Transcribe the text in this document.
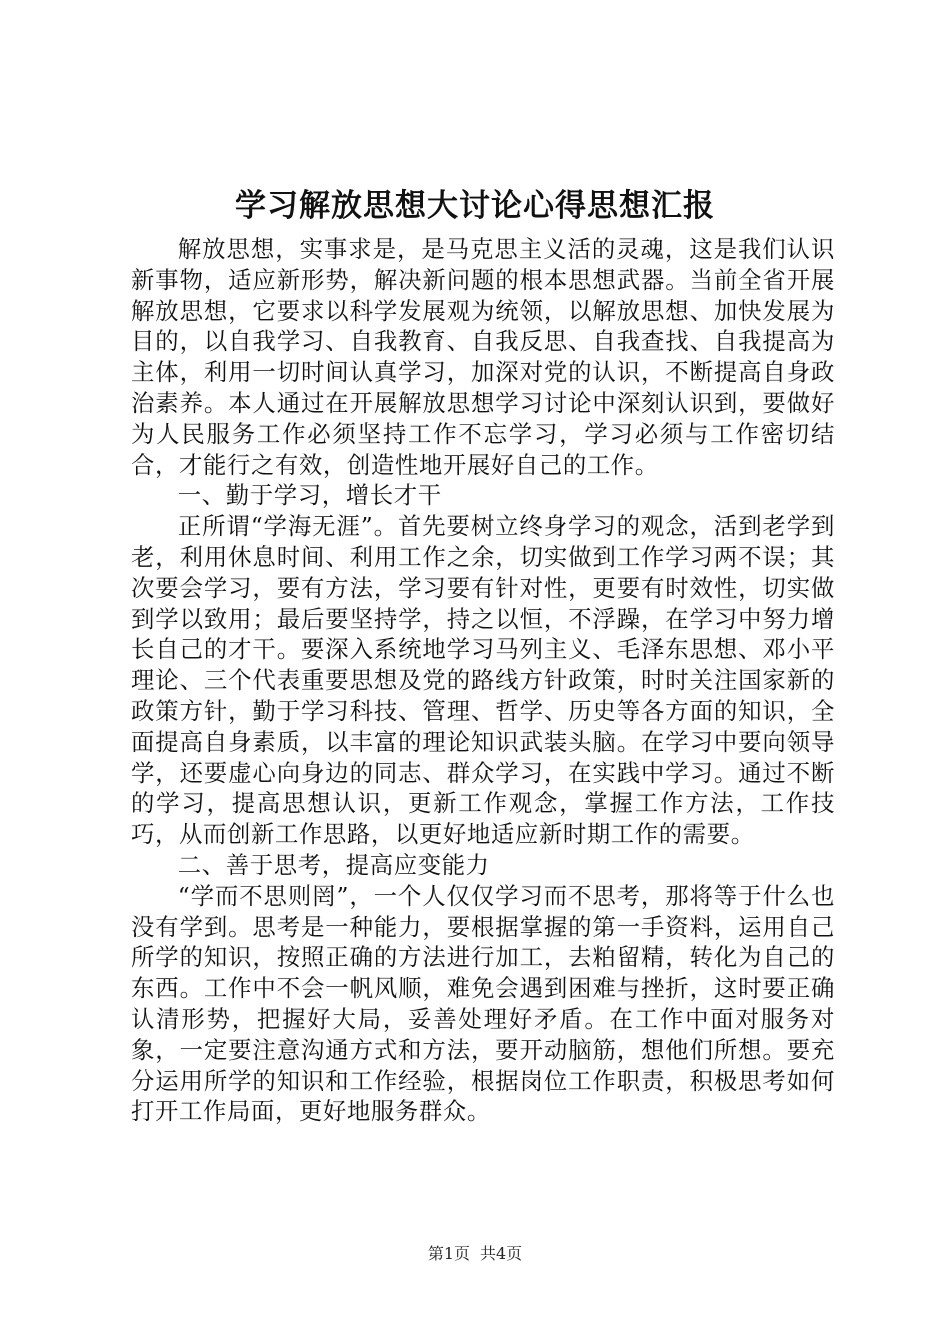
学习解放思想大讨论心得思想汇报

解放思想，实事求是，是马克思主义活的灵魂，这是我们认识新事物，适应新形势，解决新问题的根本思想武器。当前全省开展解放思想，它要求以科学发展观为统领，以解放思想、加快发展为目的，以自我学习、自我教育、自我反思、自我查找、自我提高为主体，利用一切时间认真学习，加深对党的认识，不断提高自身政治素养。本人通过在开展解放思想学习讨论中深刻认识到，要做好为人民服务工作必须坚持工作不忘学习，学习必须与工作密切结合，才能行之有效，创造性地开展好自己的工作。

一、勤于学习，增长才干

正所谓“学海无涯”。首先要树立终身学习的观念，活到老学到老，利用休息时间、利用工作之余，切实做到工作学习两不误；其次要会学习，要有方法，学习要有针对性，更要有时效性，切实做到学以致用；最后要坚持学，持之以恒，不浮躁，在学习中努力增长自己的才干。要深入系统地学习马列主义、毛泽东思想、邓小平理论、三个代表重要思想及党的路线方针政策，时时关注国家新的政策方针，勤于学习科技、管理、哲学、历史等各方面的知识，全面提高自身素质，以丰富的理论知识武装头脑。在学习中要向领导学，还要虚心向身边的同志、群众学习，在实践中学习。通过不断的学习，提高思想认识，更新工作观念，掌握工作方法，工作技巧，从而创新工作思路，以更好地适应新时期工作的需要。

二、善于思考，提高应变能力

“学而不思则罔”，一个人仅仅学习而不思考，那将等于什么也没有学到。思考是一种能力，要根据掌握的第一手资料，运用自己所学的知识，按照正确的方法进行加工，去粕留精，转化为自己的东西。工作中不会一帆风顺，难免会遇到困难与挫折，这时要正确认清形势，把握好大局，妥善处理好矛盾。在工作中面对服务对象，一定要注意沟通方式和方法，要开动脑筋，想他们所想。要充分运用所学的知识和工作经验，根据岗位工作职责，积极思考如何打开工作局面，更好地服务群众。

第1页 共4页
